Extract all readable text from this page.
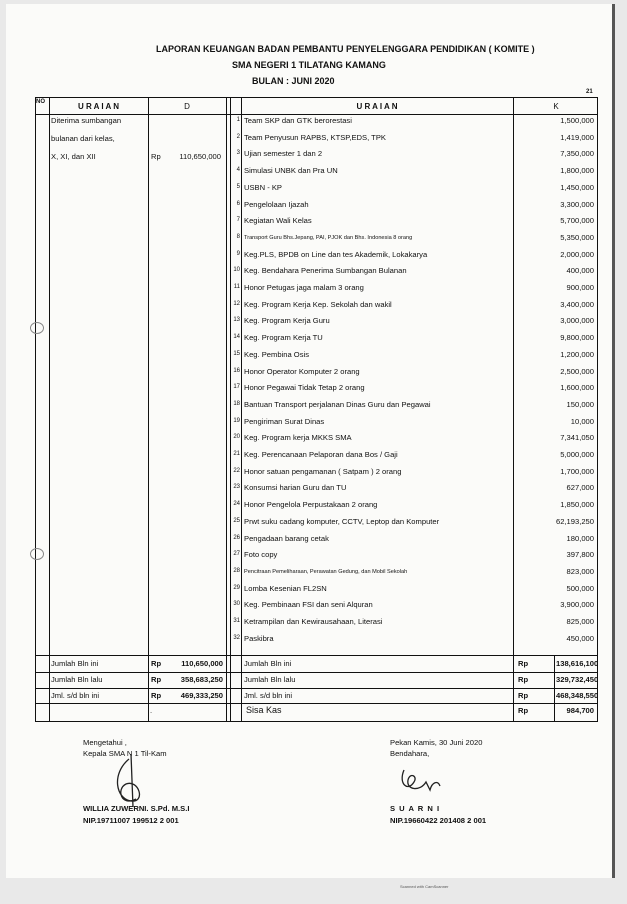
LAPORAN KEUANGAN BADAN PEMBANTU PENYELENGGARA PENDIDIKAN ( KOMITE )
SMA NEGERI 1 TILATANG KAMANG
BULAN : JUNI 2020
21
NO	U R A I A N	D	U R A I A N	K
Diterima sumbangan
bulanan dari kelas,
X, XI, dan XII	Rp	110,650,000
1 Team SKP dan GTK berorestasi	1,500,000
2 Team Penyusun RAPBS, KTSP,EDS, TPK	1,419,000
3 Ujian semester 1 dan 2	7,350,000
4 Simulasi UNBK dan Pra UN	1,800,000
5 USBN - KP	1,450,000
6 Pengelolaan Ijazah	3,300,000
7 Kegiatan Wali Kelas	5,700,000
8 Transport Guru Bhs.Jepang, PAI, PJOK dan Bhs. Indonesia 8 orang	5,350,000
9 Keg.PLS, BPDB on Line dan tes Akademik, Lokakarya	2,000,000
10 Keg. Bendahara Penerima Sumbangan Bulanan	400,000
11 Honor Petugas jaga malam 3 orang	900,000
12 Keg. Program Kerja Kep. Sekolah dan wakil	3,400,000
13 Keg. Program Kerja Guru	3,000,000
14 Keg. Program Kerja TU	9,800,000
15 Keg. Pembina Osis	1,200,000
16 Honor Operator Komputer 2 orang	2,500,000
17 Honor Pegawai Tidak Tetap 2 orang	1,600,000
18 Bantuan Transport perjalanan Dinas Guru dan Pegawai	150,000
19 Pengiriman Surat Dinas	10,000
20 Keg. Program kerja MKKS SMA	7,341,050
21 Keg. Perencanaan Pelaporan dana Bos / Gaji	5,000,000
22 Honor satuan pengamanan ( Satpam ) 2 orang	1,700,000
23 Konsumsi harian Guru dan TU	627,000
24 Honor Pengelola Perpustakaan 2 orang	1,850,000
25 Prwt suku cadang komputer, CCTV, Leptop dan Komputer	62,193,250
26 Pengadaan barang cetak	180,000
27 Foto copy	397,800
28 Pencitraan Pemeliharaan, Perawatan Gedung, dan Mobil Sekolah	823,000
29 Lomba Kesenian FL2SN	500,000
30 Keg. Pembinaan FSI dan seni Alquran	3,900,000
31 Ketrampilan dan Kewirausahaan, Literasi	825,000
32 Paskibra	450,000
Jumlah Bln ini	Rp	110,650,000	Jumlah Bln ini	Rp	138,616,100
Jumlah Bln lalu	Rp	358,683,250	Jumlah Bln lalu	Rp	329,732,450
Jml. s/d bln ini	Rp	469,333,250	Jml. s/d bln ini	Rp	468,348,550
.	Sisa Kas	Rp	984,700
Mengetahui ,
Kepala SMA N 1 Til-Kam
WILLIA ZUWERNI. S.Pd. M.S.I
NIP.19711007 199512 2 001
Pekan Kamis, 30 Juni 2020
Bendahara,
S U A R N I
NIP.19660422 201408 2 001
Scanned with CamScanner
